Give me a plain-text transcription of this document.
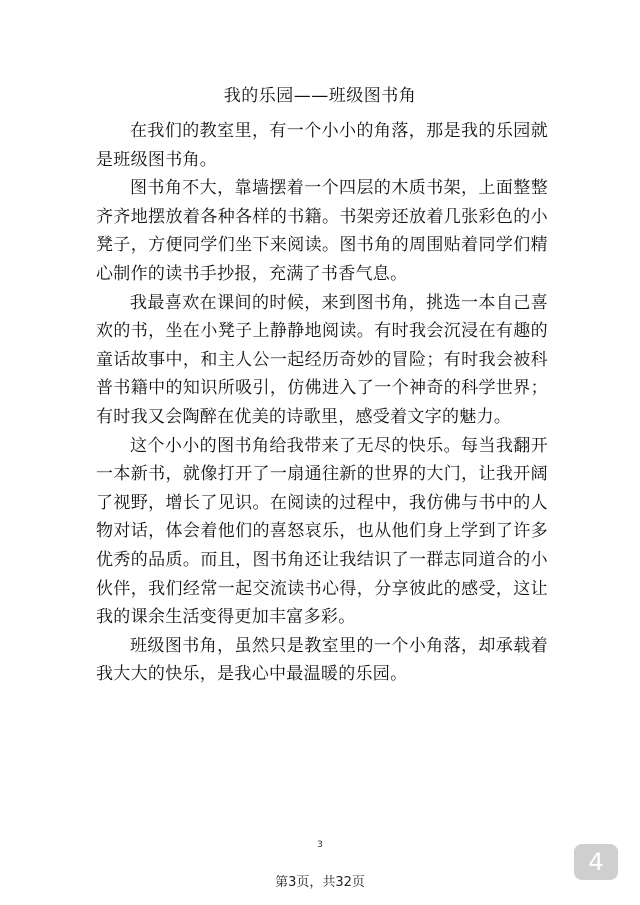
我的乐园——班级图书角

在我们的教室里，有一个小小的角落，那是我的乐园就是班级图书角。

图书角不大，靠墙摆着一个四层的木质书架，上面整整齐齐地摆放着各种各样的书籍。书架旁还放着几张彩色的小凳子，方便同学们坐下来阅读。图书角的周围贴着同学们精心制作的读书手抄报，充满了书香气息。

我最喜欢在课间的时候，来到图书角，挑选一本自己喜欢的书，坐在小凳子上静静地阅读。有时我会沉浸在有趣的童话故事中，和主人公一起经历奇妙的冒险；有时我会被科普书籍中的知识所吸引，仿佛进入了一个神奇的科学世界；有时我又会陶醉在优美的诗歌里，感受着文字的魅力。

这个小小的图书角给我带来了无尽的快乐。每当我翻开一本新书，就像打开了一扇通往新的世界的大门，让我开阔了视野，增长了见识。在阅读的过程中，我仿佛与书中的人物对话，体会着他们的喜怒哀乐，也从他们身上学到了许多优秀的品质。而且，图书角还让我结识了一群志同道合的小伙伴，我们经常一起交流读书心得，分享彼此的感受，这让我的课余生活变得更加丰富多彩。

班级图书角，虽然只是教室里的一个小角落，却承载着我大大的快乐，是我心中最温暖的乐园。

3
第3页，共32页
4
